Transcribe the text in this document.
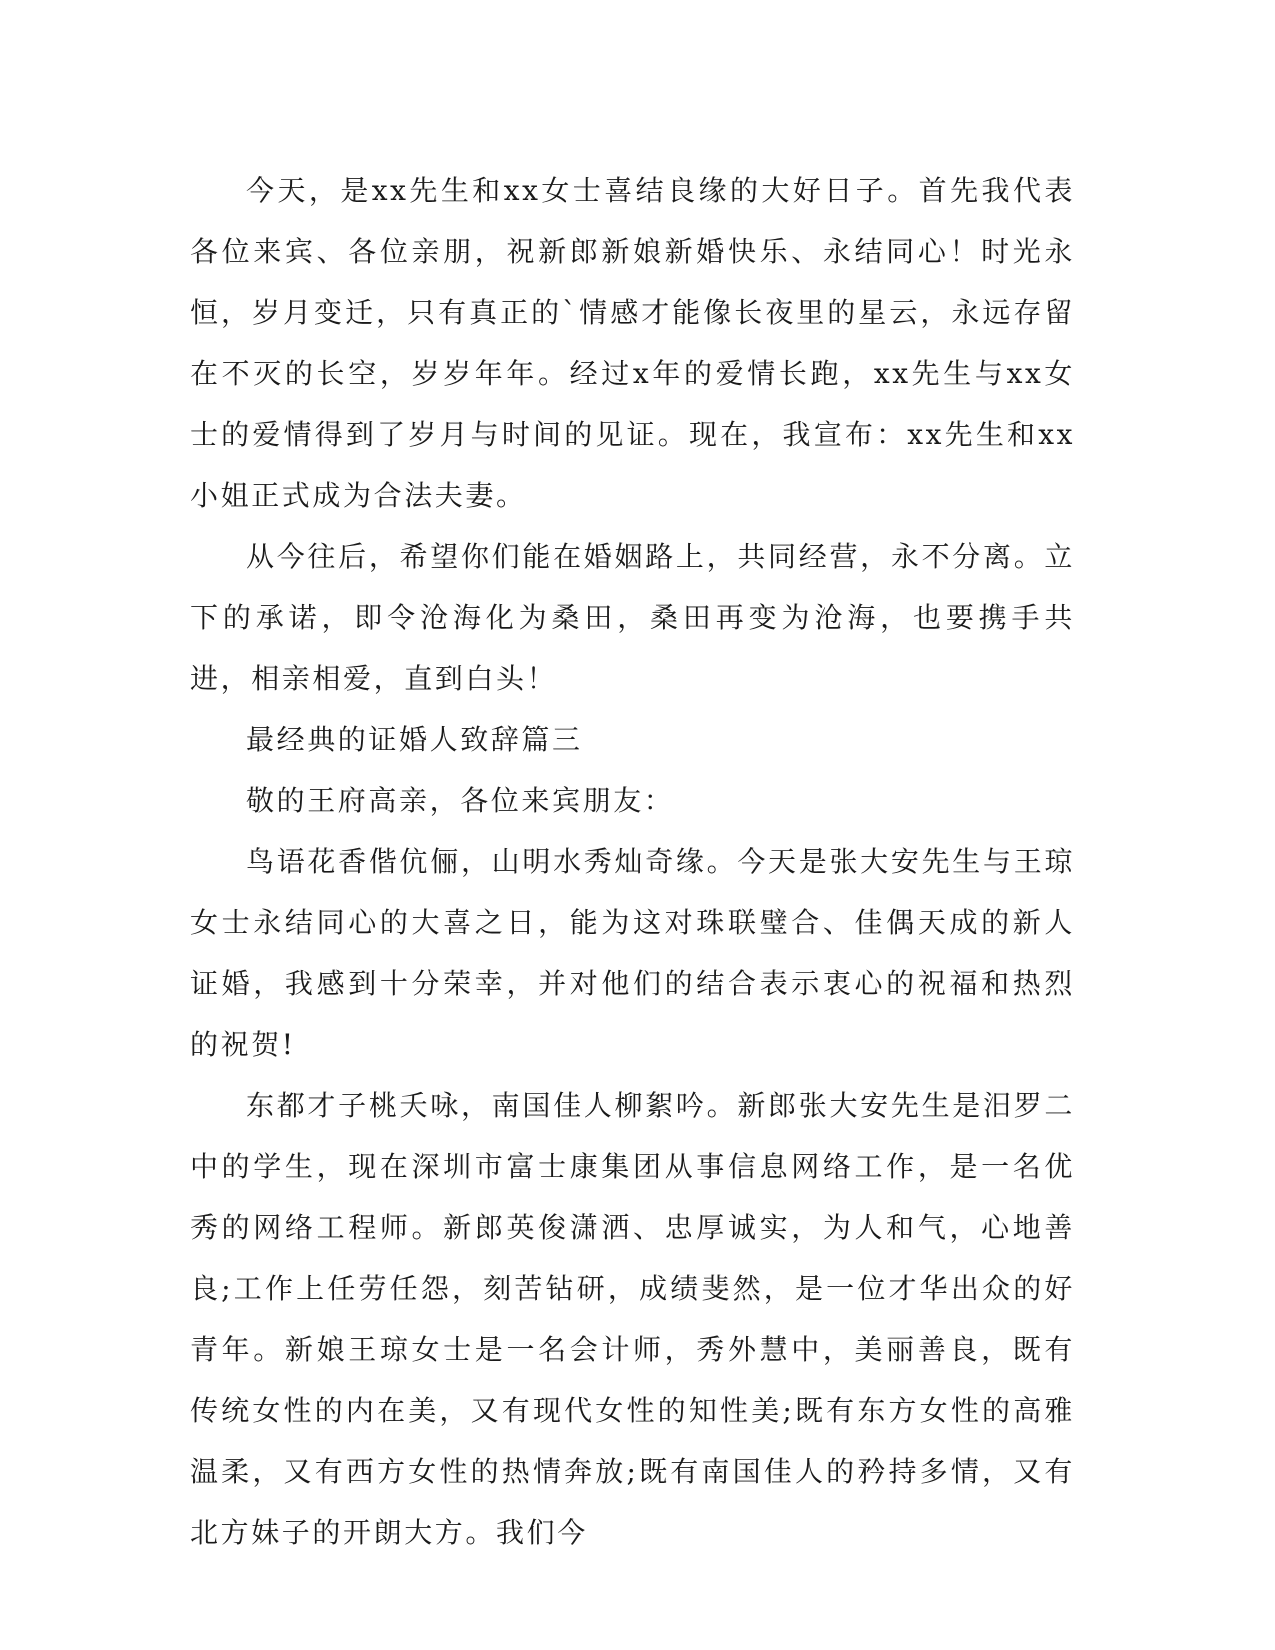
今天，是xx先生和xx女士喜结良缘的大好日子。首先我代表各位来宾、各位亲朋，祝新郎新娘新婚快乐、永结同心！时光永恒，岁月变迁，只有真正的`情感才能像长夜里的星云，永远存留在不灭的长空，岁岁年年。经过x年的爱情长跑，xx先生与xx女士的爱情得到了岁月与时间的见证。现在，我宣布：xx先生和xx小姐正式成为合法夫妻。

从今往后，希望你们能在婚姻路上，共同经营，永不分离。立下的承诺，即令沧海化为桑田，桑田再变为沧海，也要携手共进，相亲相爱，直到白头！

最经典的证婚人致辞篇三

敬的王府高亲，各位来宾朋友：

鸟语花香偕伉俪，山明水秀灿奇缘。今天是张大安先生与王琼女士永结同心的大喜之日，能为这对珠联璧合、佳偶天成的新人证婚，我感到十分荣幸，并对他们的结合表示衷心的祝福和热烈的祝贺!

东都才子桃夭咏，南国佳人柳絮吟。新郎张大安先生是汨罗二中的学生，现在深圳市富士康集团从事信息网络工作，是一名优秀的网络工程师。新郎英俊潇洒、忠厚诚实，为人和气，心地善良;工作上任劳任怨，刻苦钻研，成绩斐然，是一位才华出众的好青年。新娘王琼女士是一名会计师，秀外慧中，美丽善良，既有传统女性的内在美，又有现代女性的知性美;既有东方女性的高雅温柔，又有西方女性的热情奔放;既有南国佳人的矜持多情，又有北方妹子的开朗大方。我们今
